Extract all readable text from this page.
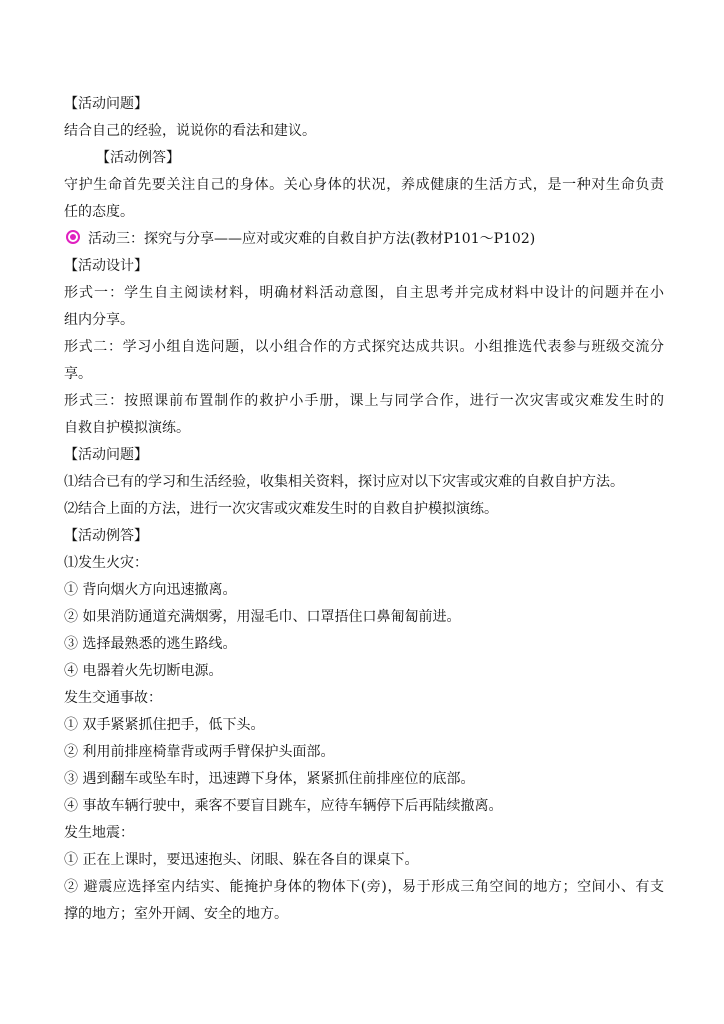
【活动问题】
结合自己的经验，说说你的看法和建议。
【活动例答】
守护生命首先要关注自己的身体。关心身体的状况，养成健康的生活方式，是一种对生命负责
任的态度。
活动三：探究与分享——应对或灾难的自救自护方法(教材P101～P102)
【活动设计】
形式一：学生自主阅读材料，明确材料活动意图，自主思考并完成材料中设计的问题并在小
组内分享。
形式二：学习小组自选问题，以小组合作的方式探究达成共识。小组推选代表参与班级交流分
享。
形式三：按照课前布置制作的救护小手册，课上与同学合作，进行一次灾害或灾难发生时的
自救自护模拟演练。
【活动问题】
⑴结合已有的学习和生活经验，收集相关资料，探讨应对以下灾害或灾难的自救自护方法。
⑵结合上面的方法，进行一次灾害或灾难发生时的自救自护模拟演练。
【活动例答】
⑴发生火灾：
① 背向烟火方向迅速撤离。
② 如果消防通道充满烟雾，用湿毛巾、口罩捂住口鼻匍匐前进。
③ 选择最熟悉的逃生路线。
④ 电器着火先切断电源。
发生交通事故：
① 双手紧紧抓住把手，低下头。
② 利用前排座椅靠背或两手臂保护头面部。
③ 遇到翻车或坠车时，迅速蹲下身体，紧紧抓住前排座位的底部。
④ 事故车辆行驶中，乘客不要盲目跳车，应待车辆停下后再陆续撤离。
发生地震：
① 正在上课时，要迅速抱头、闭眼、躲在各自的课桌下。
② 避震应选择室内结实、能掩护身体的物体下(旁)，易于形成三角空间的地方；空间小、有支
撑的地方；室外开阔、安全的地方。
